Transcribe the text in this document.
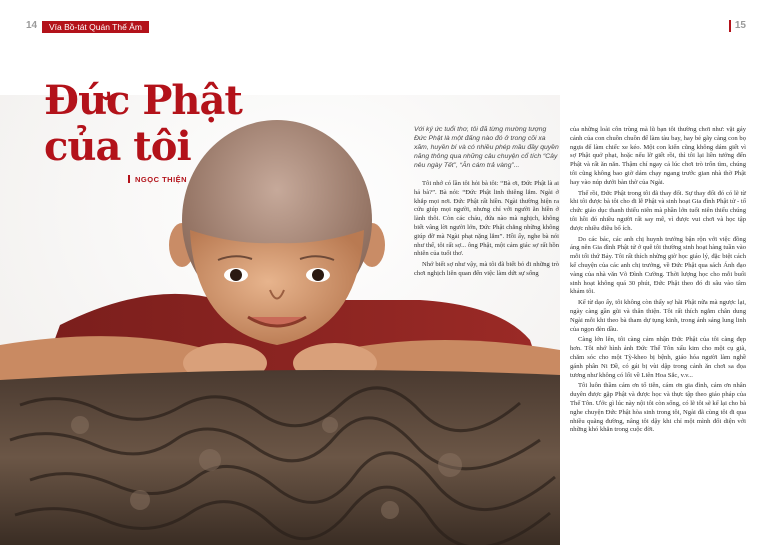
14	Vía Bồ-tát Quán Thế Âm	15
Đức Phật
của tôi
NGỌC THIỆN
Với ký ức tuổi thơ, tôi đã từng mường tượng Đức Phật là một đấng nào đó ở trong cõi xa xăm, huyền bí và có nhiều phép mầu đầy quyền năng thông qua những câu chuyện cổ tích “Cây nêu ngày Tết”, “Ăn cám trả vàng”...

Tôi nhớ có lần tôi hỏi bà tôi: “Bà ơi, Đức Phật là ai hả bà?”. Bà nói: “Đức Phật linh thiêng lắm. Ngài ở khắp mọi nơi. Đức Phật rất hiền. Ngài thường hiện ra cứu giúp mọi người, nhưng chỉ với người ăn hiền ở lành thôi. Còn các cháu, đứa nào mà nghịch, không biết vâng lời người lớn, Đức Phật chẳng những không giúp đỡ mà Ngài phạt nặng lắm”. Hồi ấy, nghe bà nói như thế, tôi rất sợ... ông Phật, một cảm giác sợ rất hồn nhiên của tuổi thơ.

Nhớ biết sợ như vậy, mà tôi đã biết bỏ đi những trò chơi nghịch liên quan đến việc làm dứt sự sống

của những loài côn trùng mà lũ bạn tôi thường chơi như: vặt gáy cánh của con chuồn chuồn để làm tàu bay, hay bẻ gãy càng con bọ ngựa để làm chiếc xe kéo. Một con kiến cũng không dám giết vì sợ Phật quở phạt, hoặc nếu lỡ giết rồi, thì tôi lại liền tưởng đến Phật và rất ăn năn. Thậm chí ngay cả lúc chơi trò trốn tìm, chúng tôi cũng không bao giờ dám chạy ngang trước gian nhà thờ Phật hay vào núp dưới bàn thờ của Ngài.

Thế rồi, Đức Phật trong tôi đã thay đổi. Sự thay đổi đó có lẽ từ khi tôi được bà tôi cho đi lễ Phật và sinh hoạt Gia đình Phật tử - tổ chức giáo dục thanh thiếu niên mà phần lớn tuổi niên thiếu chúng tôi hồi đó nhiều người rất say mê, vì được vui chơi và học tập được nhiều điều bổ ích.

Do các bác, các anh chị huynh trưởng bận rộn với việc đồng áng nên Gia đình Phật tử ở quê tôi thường sinh hoạt hàng tuần vào mỗi tối thứ Bảy. Tôi rất thích những giờ học giáo lý, đặc biệt cách kể chuyện của các anh chị trưởng, về Đức Phật qua sách Ánh đạo vàng của nhà văn Võ Đình Cường. Thời lượng học cho mỗi buổi sinh hoạt không quá 30 phút, Đức Phật theo đó đi sâu vào tâm khảm tôi.

Kể từ dạo ấy, tôi không còn thấy sợ hãi Phật nữa mà ngược lại, ngày càng gần gũi và thân thiện. Tôi rất thích ngắm chân dung Ngài mỗi khi theo bà tham dự tụng kinh, trong ánh sáng lung linh của ngọn đèn dầu.

Càng lớn lên, tôi càng cảm nhận Đức Phật của tôi càng đẹp hơn. Tôi nhớ hình ảnh Đức Thế Tôn xấu kim cho một cụ già, chăm sóc cho một Tỳ-kheo bị bệnh, giáo hóa người làm nghề gánh phân Ni Đề, có gái bị vùi dập trong cảnh ăn chơi sa đọa tương như không có lối về Liên Hoa Sắc, v.v...

Tôi luôn thầm cám ơn tổ tiên, cám ơn gia đình, cám ơn nhân duyên được gặp Phật và được học và thực tập theo giáo pháp của Thế Tôn. Ước gì lúc này nội tôi còn sống, có lẽ tôi sẽ kể lại cho bà nghe chuyện Đức Phật hòa sinh trong tôi, Ngài đã cùng tôi đi qua nhiều quãng đường, nâng tôi dậy khi chỉ một mình đối diện với những khó khăn trong cuộc đời.
